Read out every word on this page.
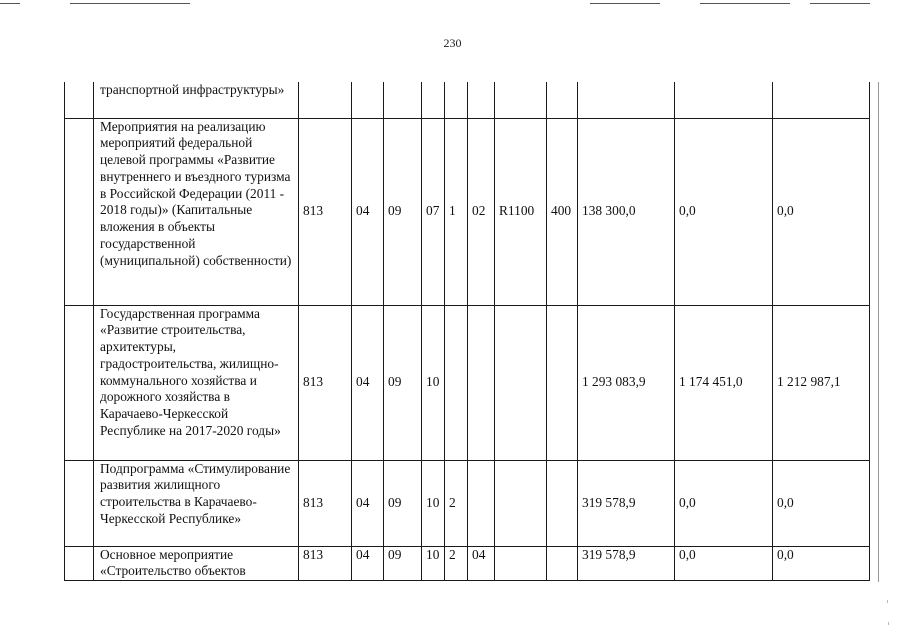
230
	транспортной инфраструктуры»											
	Мероприятия на реализацию мероприятий федеральной целевой программы «Развитие внутреннего и въездного туризма в Российской Федерации (2011 - 2018 годы)» (Капитальные вложения в объекты государственной (муниципальной) собственности)	813	04	09	07	1	02	R1100	400	138 300,0	0,0	0,0
	Государственная программа «Развитие строительства, архитектуры, градостроительства, жилищно-коммунального хозяйства и дорожного хозяйства в Карачаево-Черкесской Республике на 2017-2020 годы»	813	04	09	10					1 293 083,9	1 174 451,0	1 212 987,1
	Подпрограмма «Стимулирование развития жилищного строительства в Карачаево-Черкесской Республике»	813	04	09	10	2				319 578,9	0,0	0,0
	Основное мероприятие «Строительство объектов	813	04	09	10	2	04			319 578,9	0,0	0,0
